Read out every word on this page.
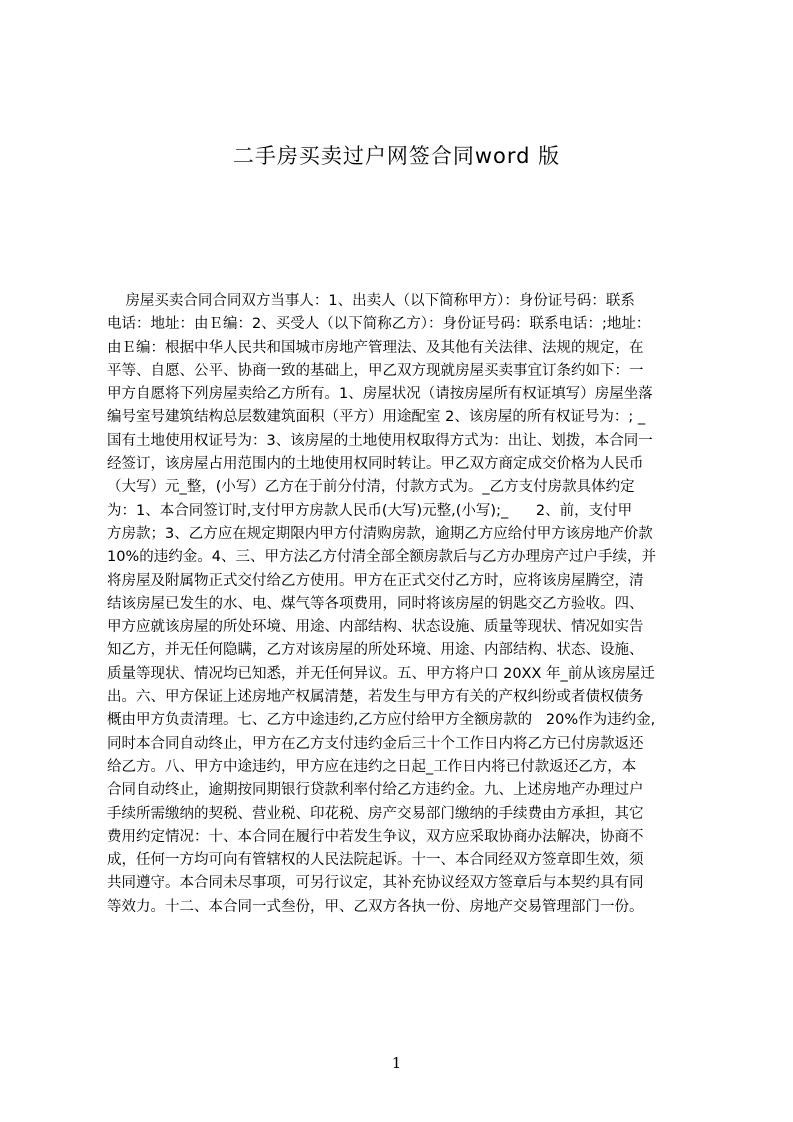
二手房买卖过户网签合同word 版
房屋买卖合同合同双方当事人：1、出卖人（以下简称甲方）：身份证号码：联系
电话：地址：由Ｅ编：2、买受人（以下简称乙方）：身份证号码：联系电话：;地址：
由Ｅ编：根据中华人民共和国城市房地产管理法、及其他有关法律、法规的规定，在
平等、自愿、公平、协商一致的基础上，甲乙双方现就房屋买卖事宜订条约如下：一
甲方自愿将下列房屋卖给乙方所有。1、房屋状况（请按房屋所有权证填写）房屋坐落
编号室号建筑结构总层数建筑面积（平方）用途配室 2、该房屋的所有权证号为：; _
国有土地使用权证号为：3、该房屋的土地使用权取得方式为：出让、划拨，本合同一
经签订，该房屋占用范围内的土地使用权同时转让。甲乙双方商定成交价格为人民币
（大写）元_整，(小写）乙方在于前分付清，付款方式为。_乙方支付房款具体约定
为：1、本合同签订时,支付甲方房款人民币(大写)元整,(小写);_      2、前，支付甲
方房款；3、乙方应在规定期限内甲方付清购房款，逾期乙方应给付甲方该房地产价款
10%的违约金。4、三、甲方法乙方付清全部全额房款后与乙方办理房产过户手续，并
将房屋及附属物正式交付给乙方使用。甲方在正式交付乙方时，应将该房屋腾空，清
结该房屋已发生的水、电、煤气等各项费用，同时将该房屋的钥匙交乙方验收。四、
甲方应就该房屋的所处环境、用途、内部结构、状态设施、质量等现状、情况如实告
知乙方，并无任何隐瞒，乙方对该房屋的所处环境、用途、内部结构、状态、设施、
质量等现状、情况均已知悉，并无任何异议。五、甲方将户口 20XX 年_前从该房屋迁
出。六、甲方保证上述房地产权属清楚，若发生与甲方有关的产权纠纷或者债权债务
概由甲方负责清理。七、乙方中途违约,乙方应付给甲方全额房款的   20%作为违约金,
同时本合同自动终止，甲方在乙方支付违约金后三十个工作日内将乙方已付房款返还
给乙方。八、甲方中途违约，甲方应在违约之日起_工作日内将已付款返还乙方，本
合同自动终止，逾期按同期银行贷款利率付给乙方违约金。九、上述房地产办理过户
手续所需缴纳的契税、营业税、印花税、房产交易部门缴纳的手续费由方承担，其它
费用约定情况：十、本合同在履行中若发生争议，双方应采取协商办法解决，协商不
成，任何一方均可向有管辖权的人民法院起诉。十一、本合同经双方签章即生效，须
共同遵守。本合同未尽事项，可另行议定，其补充协议经双方签章后与本契约具有同
等效力。十二、本合同一式叁份，甲、乙双方各执一份、房地产交易管理部门一份。
1
